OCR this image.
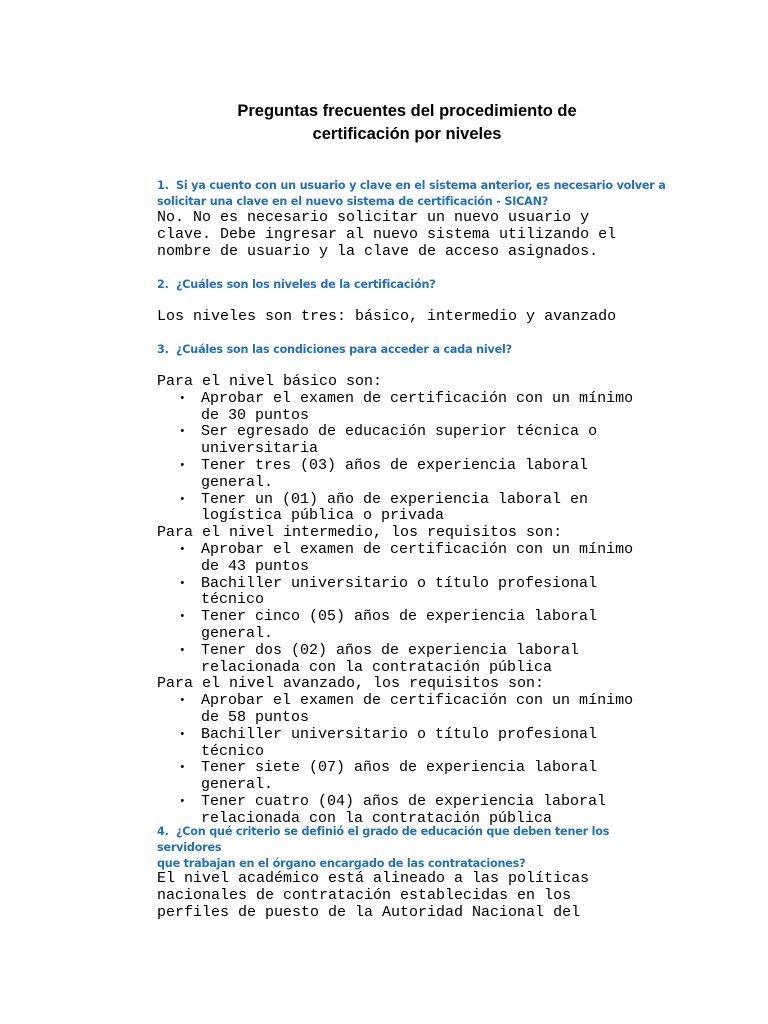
Preguntas frecuentes del procedimiento de
certificación por niveles
1. Si ya cuento con un usuario y clave en el sistema anterior, es necesario volver a
solicitar una clave en el nuevo sistema de certificación - SICAN?
No. No es necesario solicitar un nuevo usuario y
clave. Debe ingresar al nuevo sistema utilizando el
nombre de usuario y la clave de acceso asignados.
2. ¿Cuáles son los niveles de la certificación?
Los niveles son tres: básico, intermedio y avanzado
3. ¿Cuáles son las condiciones para acceder a cada nivel?
Para el nivel básico son:
• Aprobar el examen de certificación con un mínimo
de 30 puntos
• Ser egresado de educación superior técnica o
universitaria
• Tener tres (03) años de experiencia laboral
general.
• Tener un (01) año de experiencia laboral en
logística pública o privada
Para el nivel intermedio, los requisitos son:
• Aprobar el examen de certificación con un mínimo
de 43 puntos
• Bachiller universitario o título profesional
técnico
• Tener cinco (05) años de experiencia laboral
general.
• Tener dos (02) años de experiencia laboral
relacionada con la contratación pública
Para el nivel avanzado, los requisitos son:
• Aprobar el examen de certificación con un mínimo
de 58 puntos
• Bachiller universitario o título profesional
técnico
• Tener siete (07) años de experiencia laboral
general.
• Tener cuatro (04) años de experiencia laboral
relacionada con la contratación pública
4. ¿Con qué criterio se definió el grado de educación que deben tener los servidores
que trabajan en el órgano encargado de las contrataciones?
El nivel académico está alineado a las políticas
nacionales de contratación establecidas en los
perfiles de puesto de la Autoridad Nacional del
